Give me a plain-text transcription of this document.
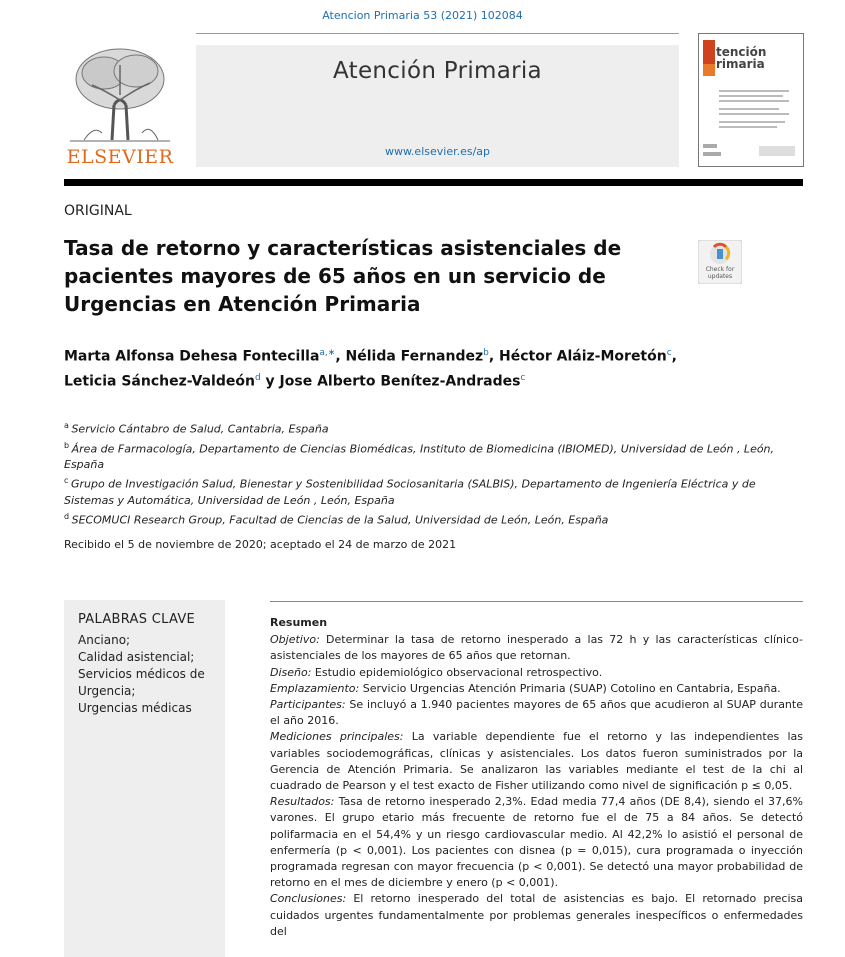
Atencion Primaria 53 (2021) 102084
ELSEVIER
Atención Primaria
www.elsevier.es/ap
tención
rimaria
ORIGINAL
Tasa de retorno y características asistenciales de pacientes mayores de 65 años en un servicio de Urgencias en Atención Primaria
Check for
updates
Marta Alfonsa Dehesa Fontecilla$^{a,∗}$, Nélida Fernandez$^b$, Héctor Aláiz-Moretón$^c$,
Leticia Sánchez-Valdeón$^d$ y Jose Alberto Benítez-Andrades$^c$

$^a$ Servicio Cántabro de Salud, Cantabria, España

$^b$ Área de Farmacología, Departamento de Ciencias Biomédicas, Instituto de Biomedicina (IBIOMED), Universidad de León , León, España

$^c$ Grupo de Investigación Salud, Bienestar y Sostenibilidad Sociosanitaria (SALBIS), Departamento de Ingeniería Eléctrica y de Sistemas y Automática, Universidad de León , León, España

$^d$ SECOMUCI Research Group, Facultad de Ciencias de la Salud, Universidad de León, León, España

Recibido el 5 de noviembre de 2020; aceptado el 24 de marzo de 2021
PALABRAS CLAVE
Anciano;
Calidad asistencial;
Servicios médicos de Urgencia;
Urgencias médicas

Resumen

Objetivo: Determinar la tasa de retorno inesperado a las 72 h y las características clínico-asistenciales de los mayores de 65 años que retornan.

Diseño: Estudio epidemiológico observacional retrospectivo.

Emplazamiento: Servicio Urgencias Atención Primaria (SUAP) Cotolino en Cantabria, España.

Participantes: Se incluyó a 1.940 pacientes mayores de 65 años que acudieron al SUAP durante el año 2016.

Mediciones principales: La variable dependiente fue el retorno y las independientes las variables sociodemográficas, clínicas y asistenciales. Los datos fueron suministrados por la Gerencia de Atención Primaria. Se analizaron las variables mediante el test de la chi al cuadrado de Pearson y el test exacto de Fisher utilizando como nivel de significación p ≤ 0,05.

Resultados: Tasa de retorno inesperado 2,3%. Edad media 77,4 años (DE 8,4), siendo el 37,6% varones. El grupo etario más frecuente de retorno fue el de 75 a 84 años. Se detectó polifarmacia en el 54,4% y un riesgo cardiovascular medio. Al 42,2% lo asistió el personal de enfermería (p < 0,001). Los pacientes con disnea (p = 0,015), cura programada o inyección programada regresan con mayor frecuencia (p < 0,001). Se detectó una mayor probabilidad de retorno en el mes de diciembre y enero (p < 0,001).

Conclusiones: El retorno inesperado del total de asistencias es bajo. El retornado precisa cuidados urgentes fundamentalmente por problemas generales inespecíficos o enfermedades del
